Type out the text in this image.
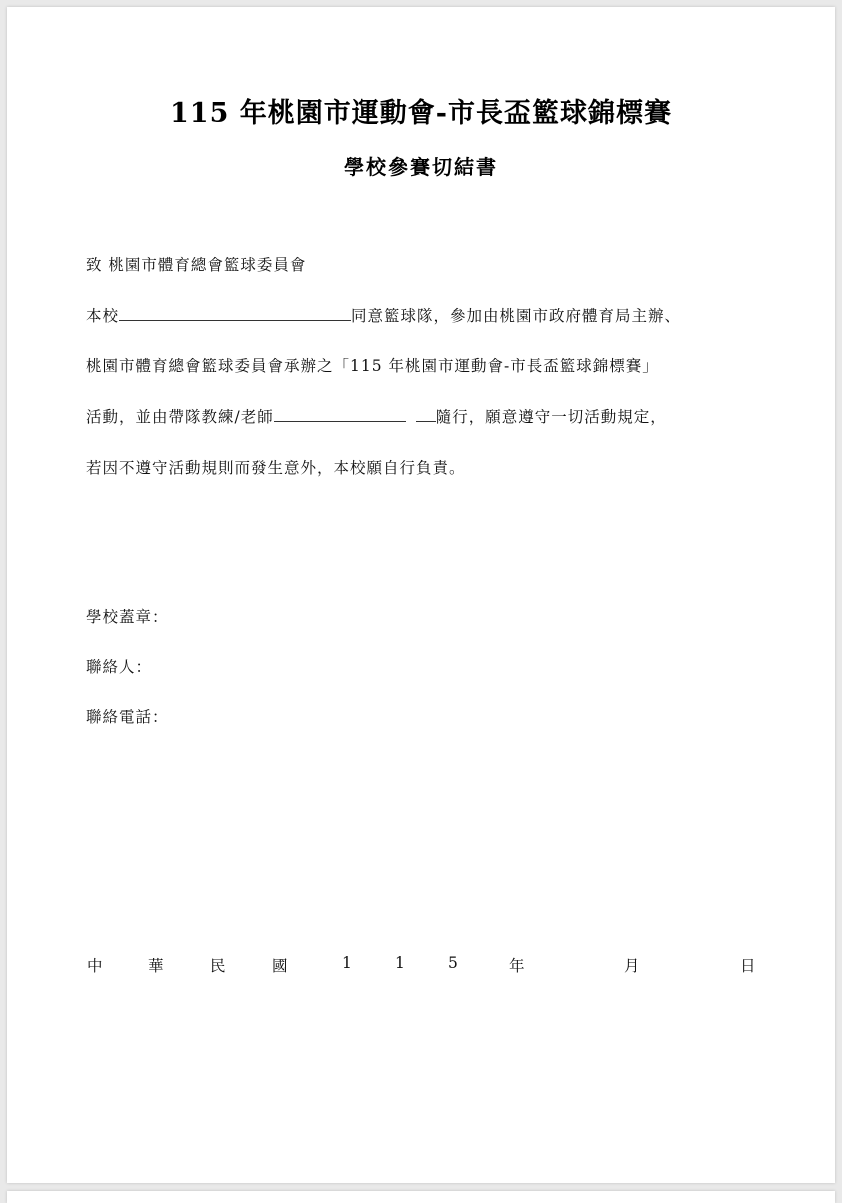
115 年桃園市運動會-市長盃籃球錦標賽
學校參賽切結書
致 桃園市體育總會籃球委員會
本校	同意籃球隊，參加由桃園市政府體育局主辦、
桃園市體育總會籃球委員會承辦之「115 年桃園市運動會-市長盃籃球錦標賽」
活動，並由帶隊教練/老師	隨行，願意遵守一切活動規定，
若因不遵守活動規則而發生意外，本校願自行負責。
學校蓋章：
聯絡人：
聯絡電話：
中	華	民	國	1	1	5	年	月	日
